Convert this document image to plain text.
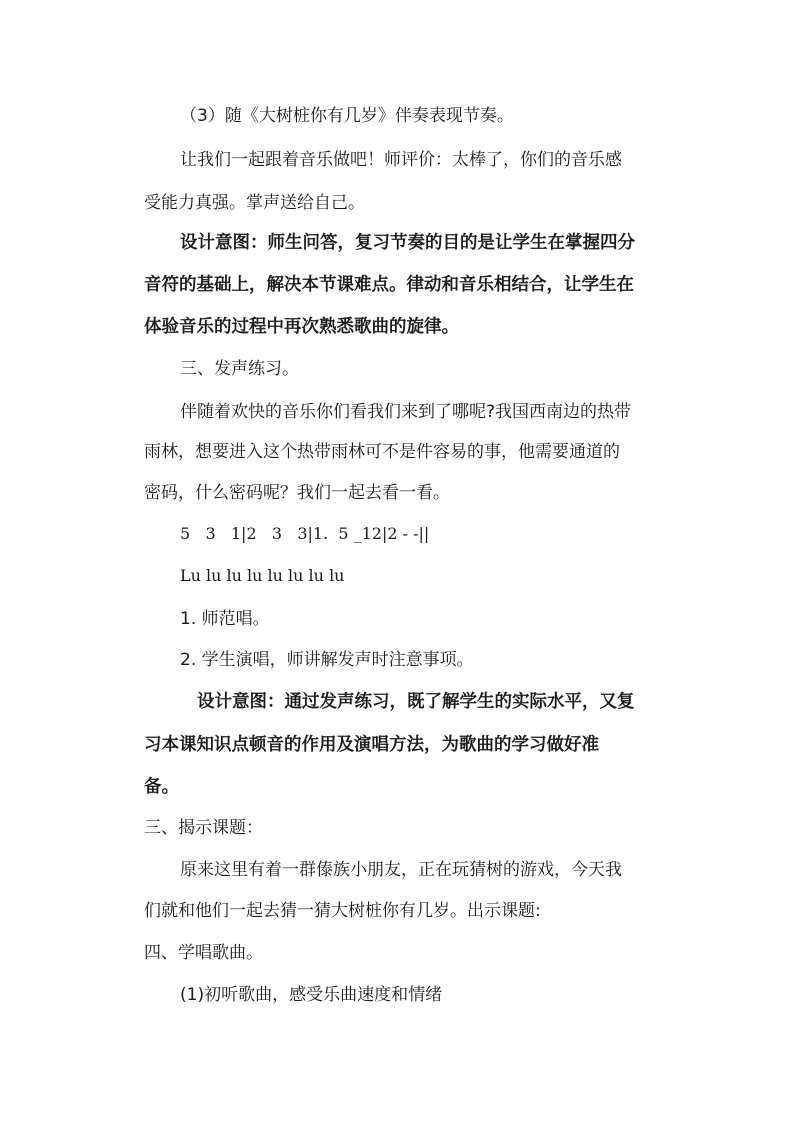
（3）随《大树桩你有几岁》伴奏表现节奏。
让我们一起跟着音乐做吧！师评价：太棒了，你们的音乐感
受能力真强。掌声送给自己。
设计意图：师生问答，复习节奏的目的是让学生在掌握四分
音符的基础上，解决本节课难点。律动和音乐相结合，让学生在
体验音乐的过程中再次熟悉歌曲的旋律。
三、发声练习。
伴随着欢快的音乐你们看我们来到了哪呢?我国西南边的热带
雨林，想要进入这个热带雨林可不是件容易的事，他需要通道的
密码，什么密码呢？我们一起去看一看。
5   3   1|2   3   3|1.  5 _12|2 - -||
Lu lu lu lu lu lu lu lu
1. 师范唱。
2. 学生演唱，师讲解发声时注意事项。
设计意图：通过发声练习，既了解学生的实际水平，又复
习本课知识点顿音的作用及演唱方法，为歌曲的学习做好准
备。
三、揭示课题：
原来这里有着一群傣族小朋友，正在玩猜树的游戏，今天我
们就和他们一起去猜一猜大树桩你有几岁。出示课题:
四、学唱歌曲。
(1)初听歌曲，感受乐曲速度和情绪
